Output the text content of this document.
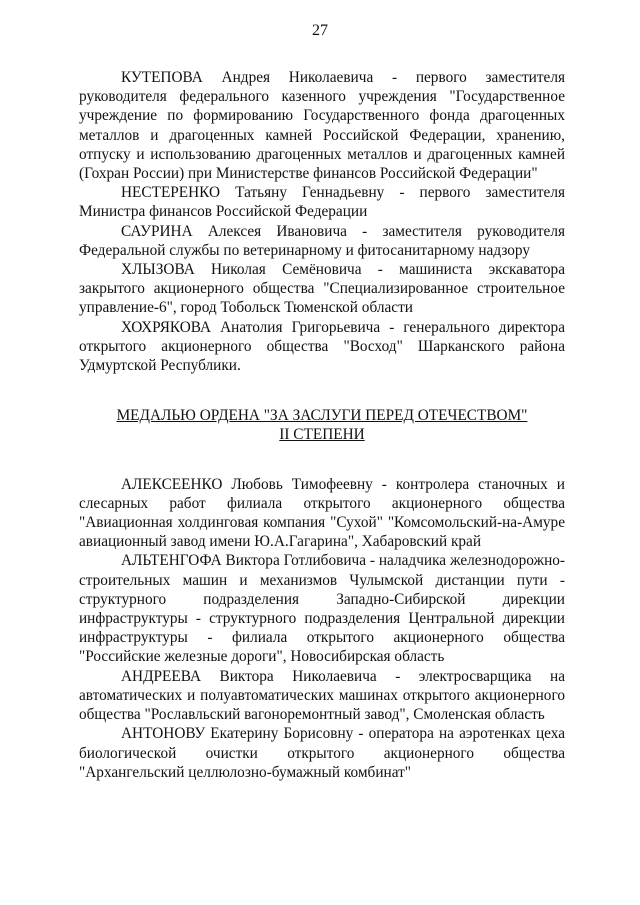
27

КУТЕПОВА Андрея Николаевича - первого заместителя руководителя федерального казенного учреждения "Государственное учреждение по формированию Государственного фонда драгоценных металлов и драгоценных камней Российской Федерации, хранению, отпуску и использованию драгоценных металлов и драгоценных камней (Гохран России) при Министерстве финансов Российской Федерации"

НЕСТЕРЕНКО Татьяну Геннадьевну - первого заместителя Министра финансов Российской Федерации

САУРИНА Алексея Ивановича - заместителя руководителя Федеральной службы по ветеринарному и фитосанитарному надзору

ХЛЫЗОВА Николая Семёновича - машиниста экскаватора закрытого акционерного общества "Специализированное строительное управление-6", город Тобольск Тюменской области

ХОХРЯКОВА Анатолия Григорьевича - генерального директора открытого акционерного общества "Восход" Шарканского района Удмуртской Республики.

МЕДАЛЬЮ ОРДЕНА "ЗА ЗАСЛУГИ ПЕРЕД ОТЕЧЕСТВОМ"
II СТЕПЕНИ

АЛЕКСЕЕНКО Любовь Тимофеевну - контролера станочных и слесарных работ филиала открытого акционерного общества "Авиационная холдинговая компания "Сухой" "Комсомольский-на-Амуре авиационный завод имени Ю.А.Гагарина", Хабаровский край

АЛЬТЕНГОФА Виктора Готлибовича - наладчика железнодорожно-строительных машин и механизмов Чулымской дистанции пути - структурного подразделения Западно-Сибирской дирекции инфраструктуры - структурного подразделения Центральной дирекции инфраструктуры - филиала открытого акционерного общества "Российские железные дороги", Новосибирская область

АНДРЕЕВА Виктора Николаевича - электросварщика на автоматических и полуавтоматических машинах открытого акционерного общества "Рославльский вагоноремонтный завод", Смоленская область

АНТОНОВУ Екатерину Борисовну - оператора на аэротенках цеха биологической очистки открытого акционерного общества "Архангельский целлюлозно-бумажный комбинат"
